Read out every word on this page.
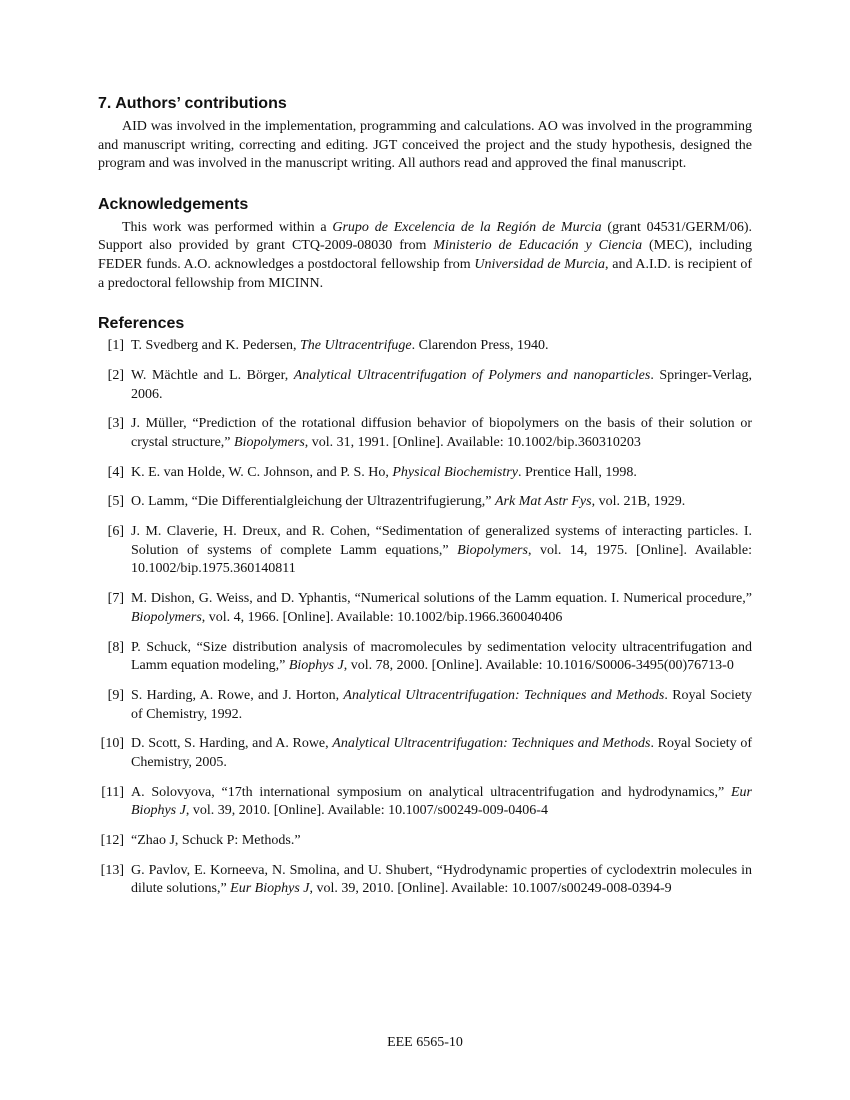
7. Authors’ contributions

AID was involved in the implementation, programming and calculations. AO was involved in the programming and manuscript writing, correcting and editing. JGT conceived the project and the study hypothesis, designed the program and was involved in the manuscript writing. All authors read and approved the final manuscript.

Acknowledgements

This work was performed within a Grupo de Excelencia de la Región de Murcia (grant 04531/GERM/06). Support also provided by grant CTQ-2009-08030 from Ministerio de Educación y Ciencia (MEC), including FEDER funds. A.O. acknowledges a postdoctoral fellowship from Universidad de Murcia, and A.I.D. is recipient of a predoctoral fellowship from MICINN.

References
[1] T. Svedberg and K. Pedersen, The Ultracentrifuge. Clarendon Press, 1940.
[2] W. Mächtle and L. Börger, Analytical Ultracentrifugation of Polymers and nanoparticles. Springer-Verlag, 2006.
[3] J. Müller, “Prediction of the rotational diffusion behavior of biopolymers on the basis of their solution or crystal structure,” Biopolymers, vol. 31, 1991. [Online]. Available: 10.1002/bip.360310203
[4] K. E. van Holde, W. C. Johnson, and P. S. Ho, Physical Biochemistry. Prentice Hall, 1998.
[5] O. Lamm, “Die Differentialgleichung der Ultrazentrifugierung,” Ark Mat Astr Fys, vol. 21B, 1929.
[6] J. M. Claverie, H. Dreux, and R. Cohen, “Sedimentation of generalized systems of interacting particles. I. Solution of systems of complete Lamm equations,” Biopolymers, vol. 14, 1975. [Online]. Available: 10.1002/bip.1975.360140811
[7] M. Dishon, G. Weiss, and D. Yphantis, “Numerical solutions of the Lamm equation. I. Numerical procedure,” Biopolymers, vol. 4, 1966. [Online]. Available: 10.1002/bip.1966.360040406
[8] P. Schuck, “Size distribution analysis of macromolecules by sedimentation velocity ultracentrifugation and Lamm equation modeling,” Biophys J, vol. 78, 2000. [Online]. Available: 10.1016/S0006-3495(00)76713-0
[9] S. Harding, A. Rowe, and J. Horton, Analytical Ultracentrifugation: Techniques and Methods. Royal Society of Chemistry, 1992.
[10] D. Scott, S. Harding, and A. Rowe, Analytical Ultracentrifugation: Techniques and Methods. Royal Society of Chemistry, 2005.
[11] A. Solovyova, “17th international symposium on analytical ultracentrifugation and hydrodynamics,” Eur Biophys J, vol. 39, 2010. [Online]. Available: 10.1007/s00249-009-0406-4
[12] “Zhao J, Schuck P: Methods.”
[13] G. Pavlov, E. Korneeva, N. Smolina, and U. Shubert, “Hydrodynamic properties of cyclodextrin molecules in dilute solutions,” Eur Biophys J, vol. 39, 2010. [Online]. Available: 10.1007/s00249-008-0394-9
EEE 6565-10
